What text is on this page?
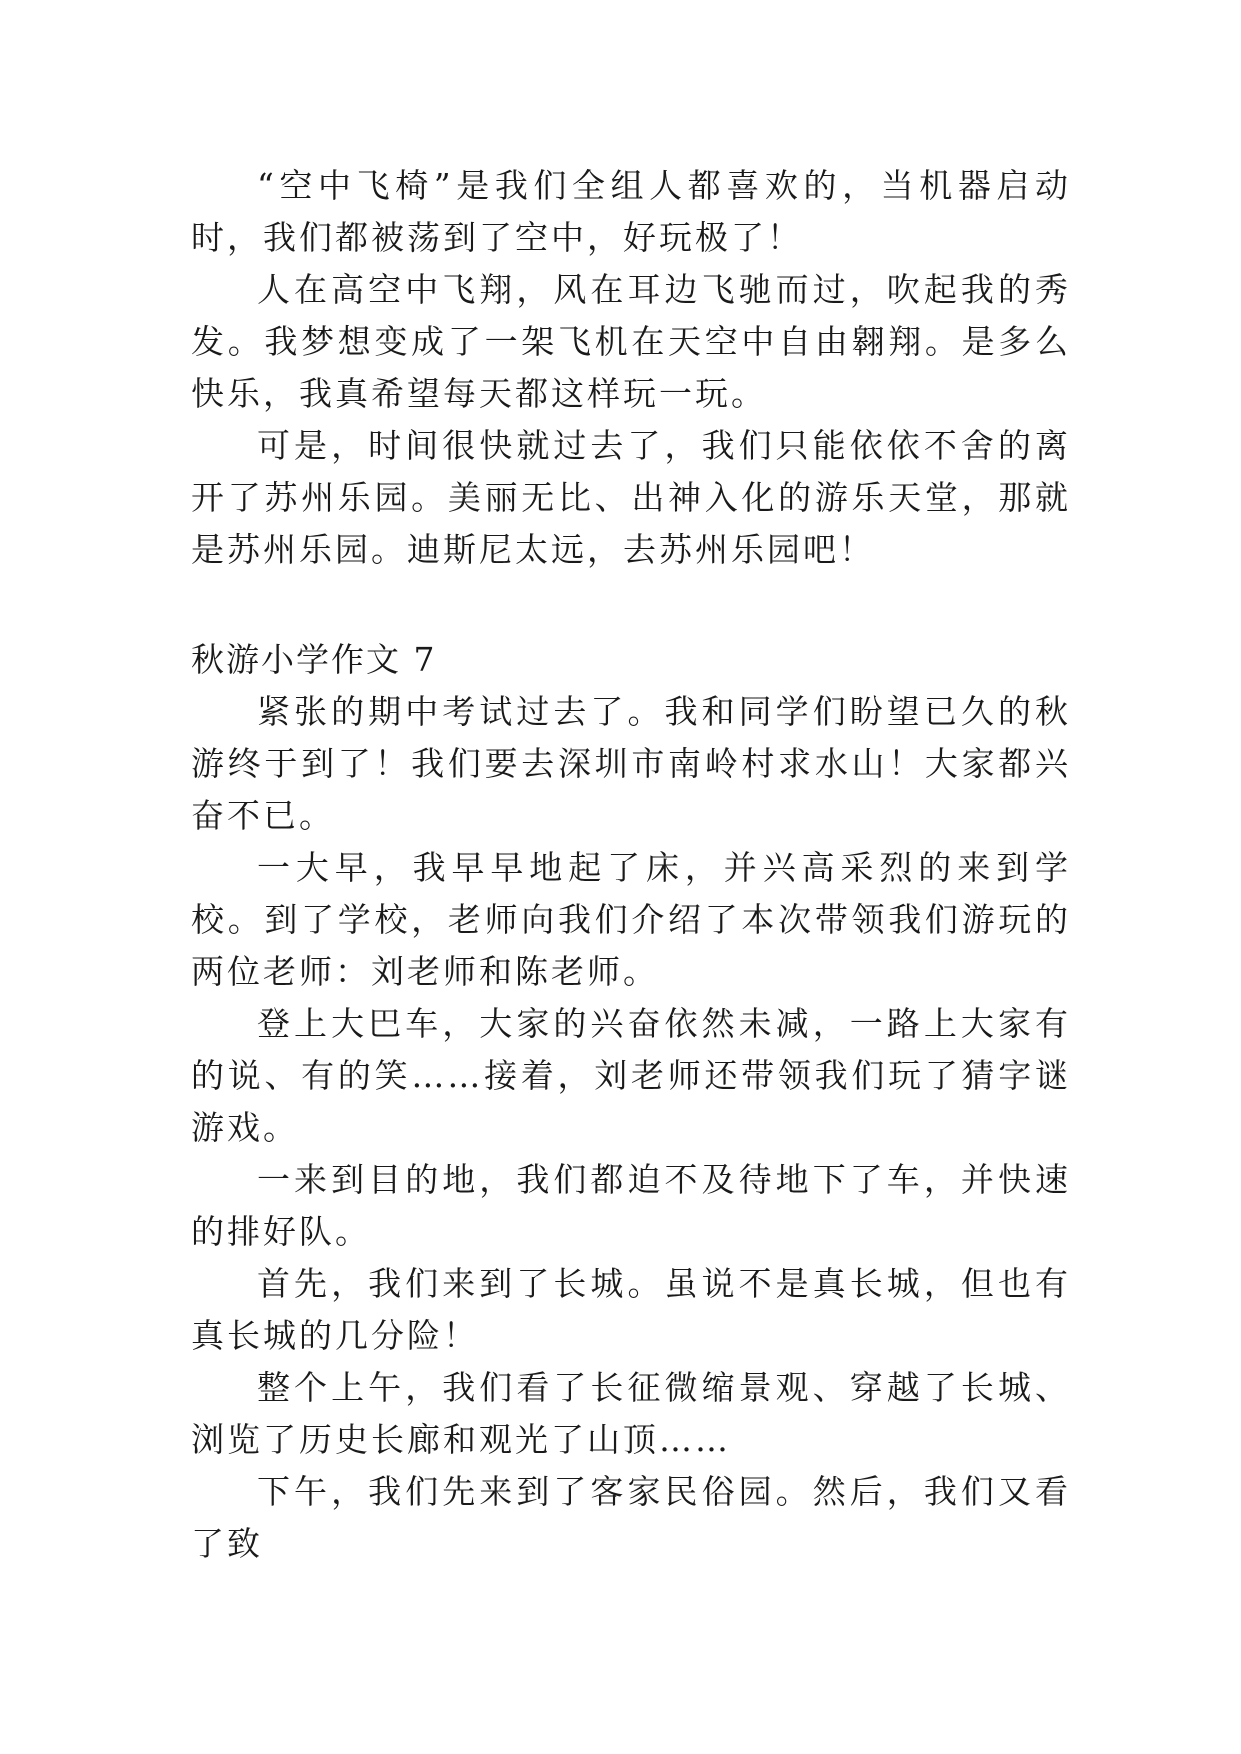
“空中飞椅”是我们全组人都喜欢的，当机器启动时，我们都被荡到了空中，好玩极了！

人在高空中飞翔，风在耳边飞驰而过，吹起我的秀发。我梦想变成了一架飞机在天空中自由翱翔。是多么快乐，我真希望每天都这样玩一玩。

可是，时间很快就过去了，我们只能依依不舍的离开了苏州乐园。美丽无比、出神入化的游乐天堂，那就是苏州乐园。迪斯尼太远，去苏州乐园吧！

秋游小学作文 7

紧张的期中考试过去了。我和同学们盼望已久的秋游终于到了！我们要去深圳市南岭村求水山！大家都兴奋不已。

一大早，我早早地起了床，并兴高采烈的来到学校。到了学校，老师向我们介绍了本次带领我们游玩的两位老师：刘老师和陈老师。

登上大巴车，大家的兴奋依然未减，一路上大家有的说、有的笑……接着，刘老师还带领我们玩了猜字谜游戏。

一来到目的地，我们都迫不及待地下了车，并快速的排好队。

首先，我们来到了长城。虽说不是真长城，但也有真长城的几分险！

整个上午，我们看了长征微缩景观、穿越了长城、浏览了历史长廊和观光了山顶……

下午，我们先来到了客家民俗园。然后，我们又看了致
